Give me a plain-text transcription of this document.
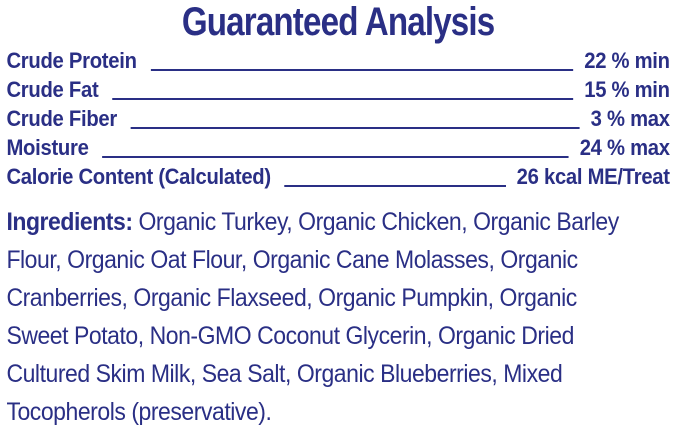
Guaranteed Analysis
Crude Protein	22 % min
Crude Fat	15 % min
Crude Fiber	3 % max
Moisture	24 % max
Calorie Content (Calculated)	26 kcal ME/Treat
Ingredients: Organic Turkey, Organic Chicken, Organic Barley
Flour, Organic Oat Flour, Organic Cane Molasses, Organic
Cranberries, Organic Flaxseed, Organic Pumpkin, Organic
Sweet Potato, Non-GMO Coconut Glycerin, Organic Dried
Cultured Skim Milk, Sea Salt, Organic Blueberries, Mixed
Tocopherols (preservative).
